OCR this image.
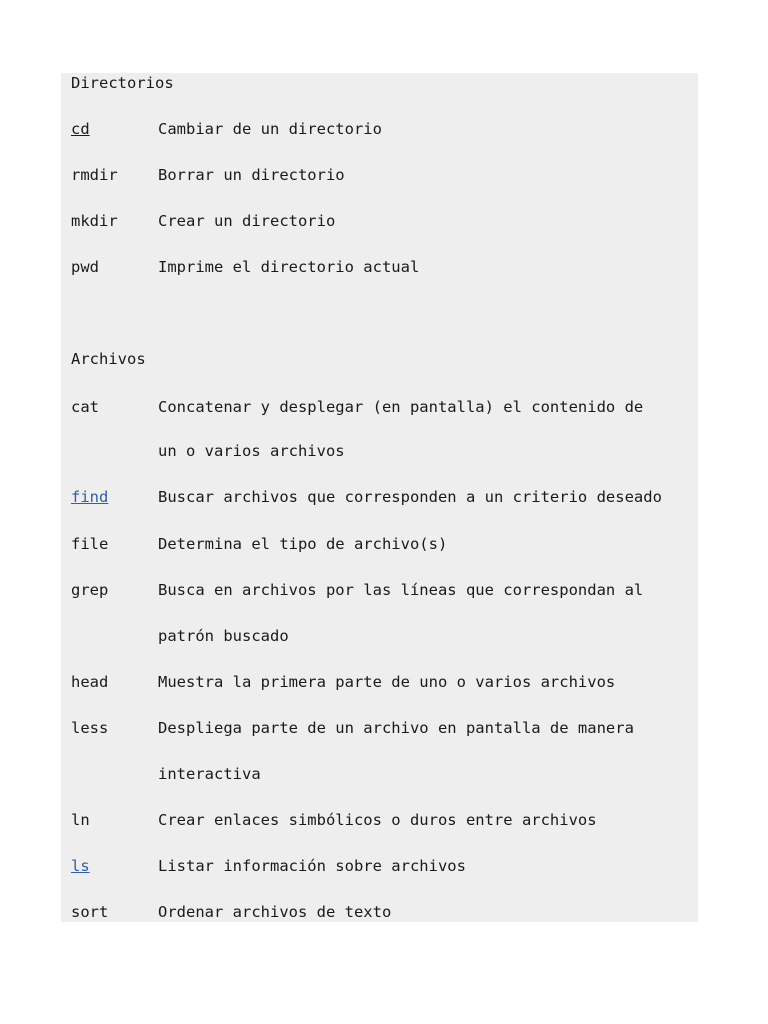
Directorios
cd	Cambiar de un directorio
rmdir	Borrar un directorio
mkdir	Crear un directorio
pwd	Imprime el directorio actual
Archivos
cat	Concatenar y desplegar (en pantalla) el contenido de
un o varios archivos
find	Buscar archivos que corresponden a un criterio deseado
file	Determina el tipo de archivo(s)
grep	Busca en archivos por las líneas que correspondan al
patrón buscado
head	Muestra la primera parte de uno o varios archivos
less	Despliega parte de un archivo en pantalla de manera
interactiva
ln	Crear enlaces simbólicos o duros entre archivos
ls	Listar información sobre archivos
sort	Ordenar archivos de texto
